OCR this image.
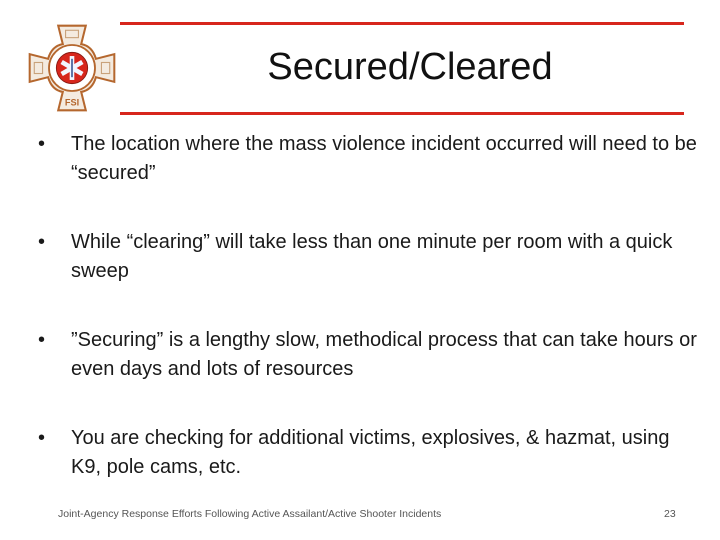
FSI
Secured/Cleared
• The location where the mass violence incident occurred will need to be “secured”
• While “clearing” will take less than one minute per room with a quick sweep
• ”Securing” is a lengthy slow, methodical process that can take hours or even days and lots of resources
• You are checking for additional victims, explosives, & hazmat, using K9, pole cams, etc.
Joint-Agency Response Efforts Following Active Assailant/Active Shooter Incidents	23
